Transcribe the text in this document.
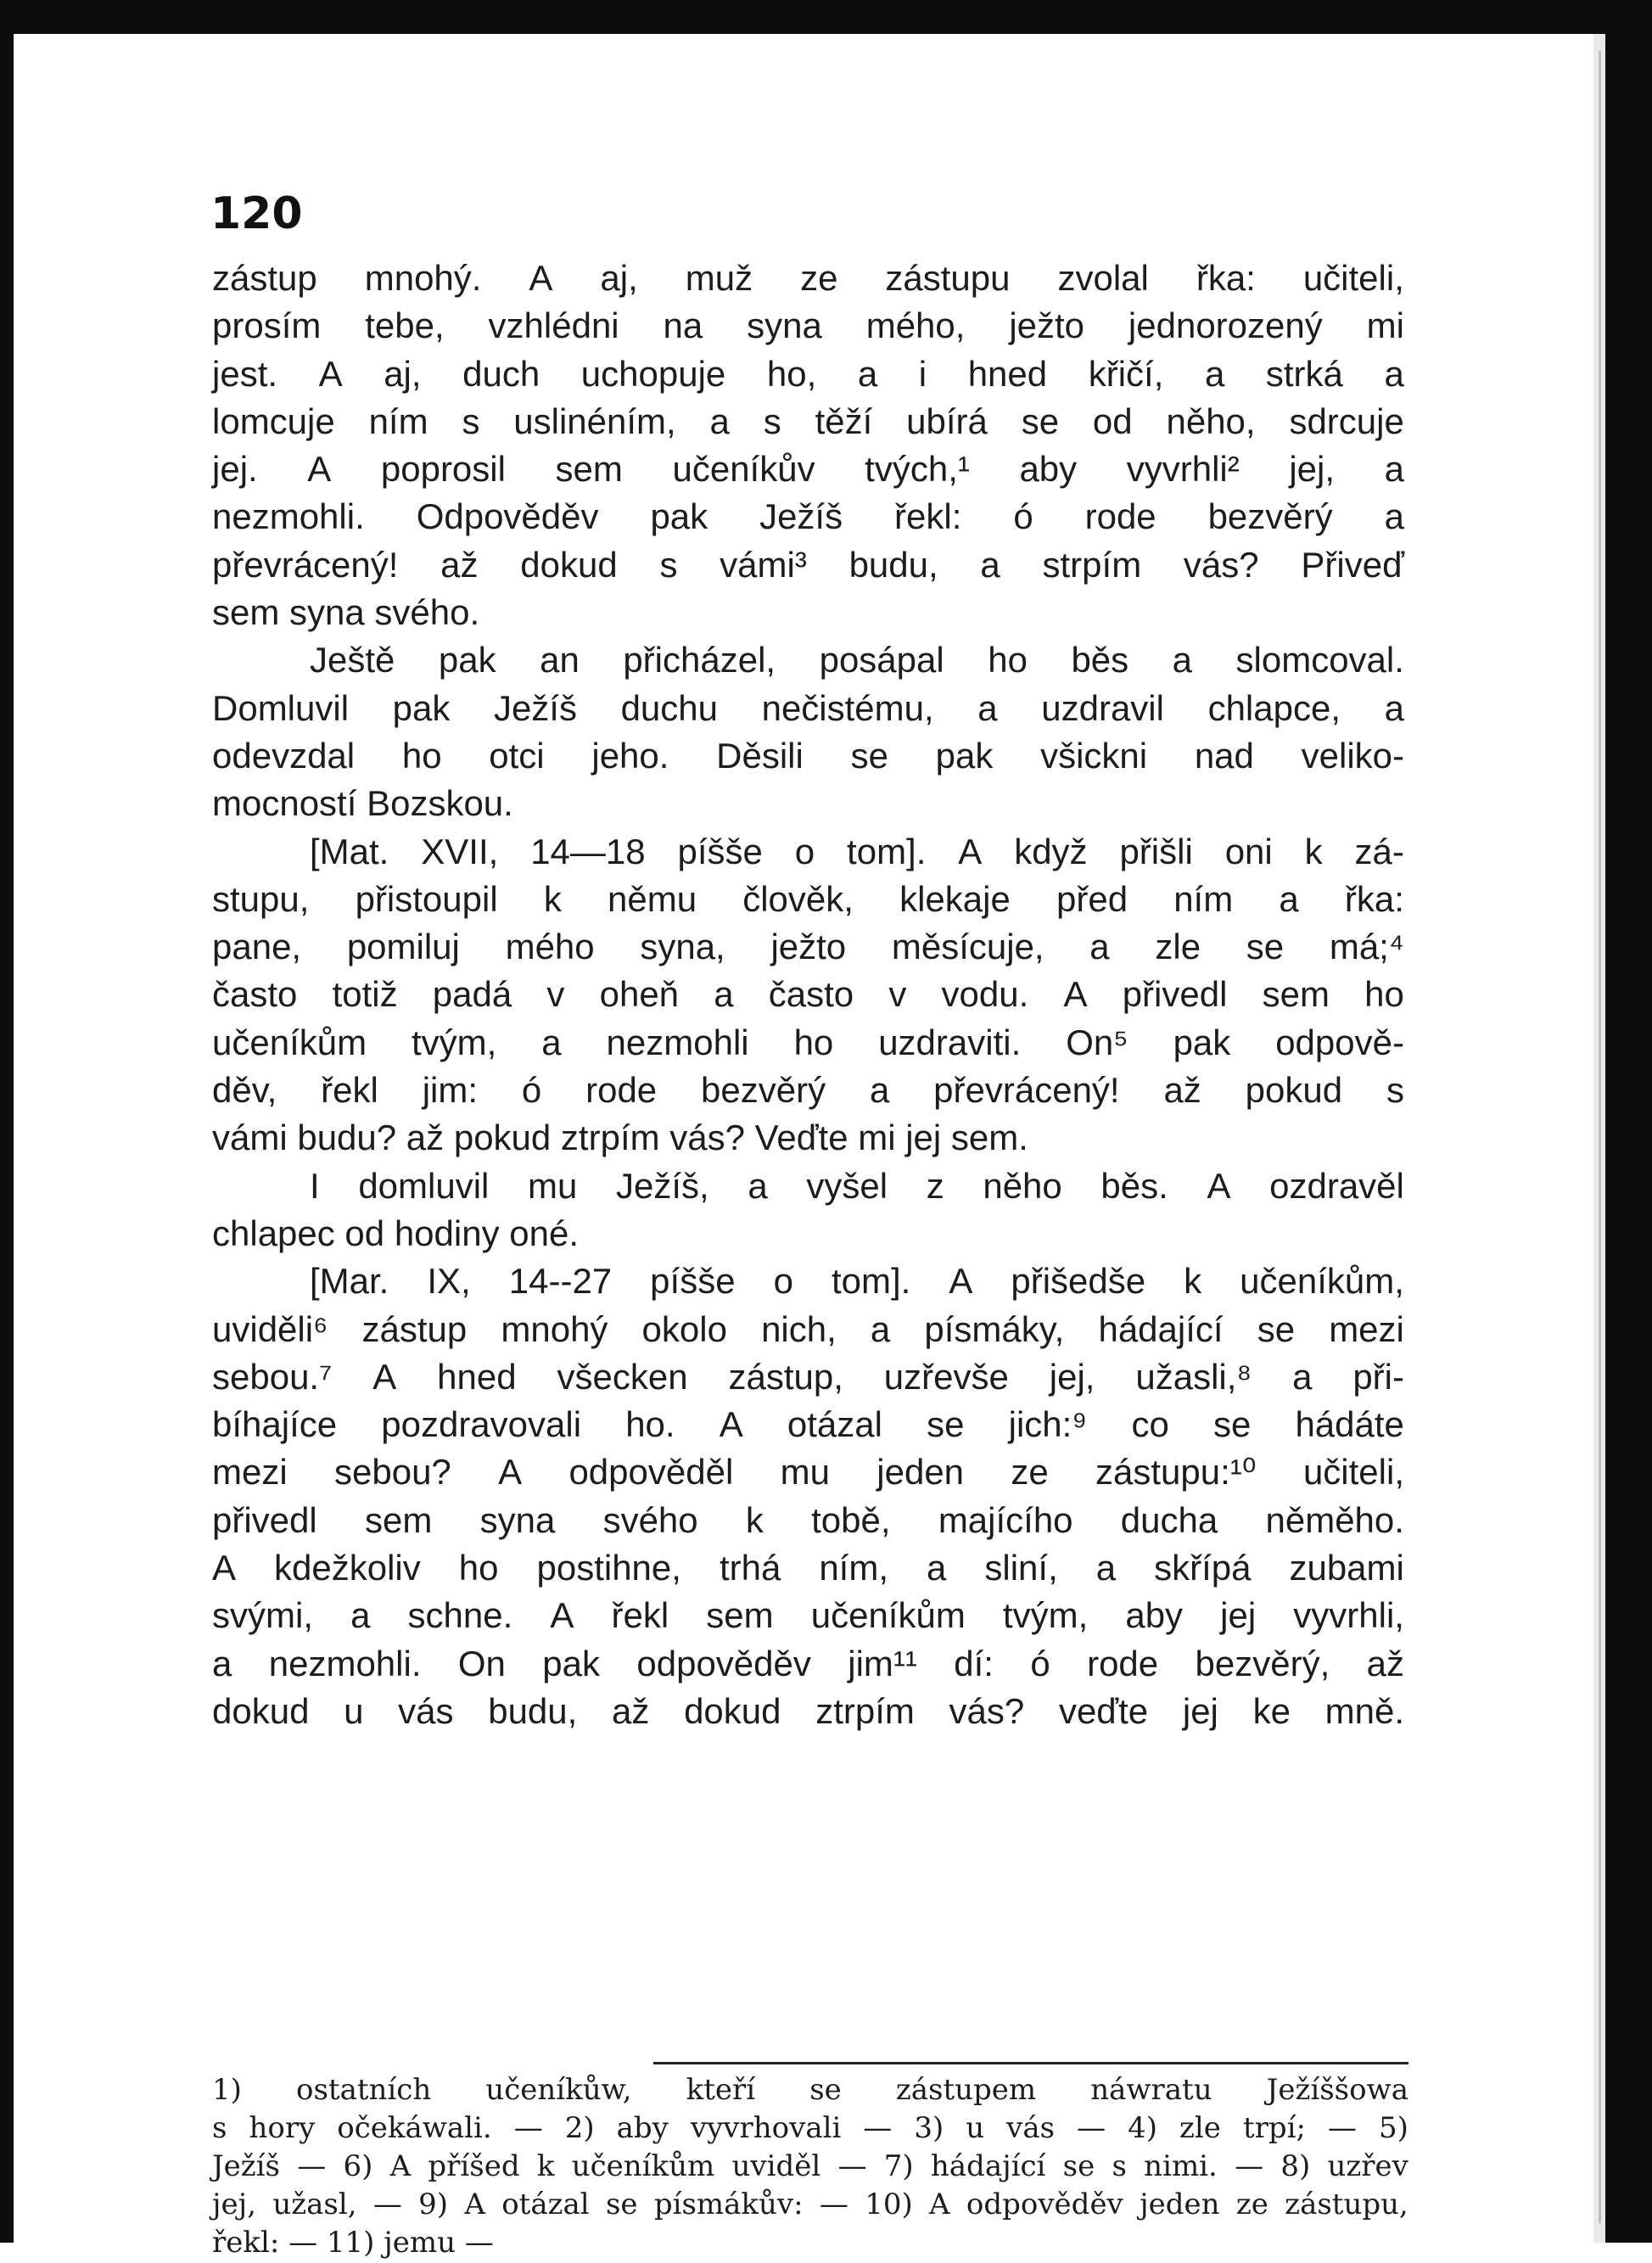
120
zástup mnohý. A aj, muž ze zástupu zvolal řka: učiteli,
prosím tebe, vzhlédni na syna mého, ježto jednorozený mi
jest. A aj, duch uchopuje ho, a i hned křičí, a strká a
lomcuje ním s uslinéním, a s těží ubírá se od něho, sdrcuje
jej. A poprosil sem učeníkův tvých,¹ aby vyvrhli² jej, a
nezmohli. Odpověděv pak Ježíš řekl: ó rode bezvěrý a
převrácený! až dokud s vámi³ budu, a strpím vás? Přiveď
sem syna svého.
Ještě pak an přicházel, posápal ho běs a slomcoval.
Domluvil pak Ježíš duchu nečistému, a uzdravil chlapce, a
odevzdal ho otci jeho. Děsili se pak všickni nad veliko-
mocností Bozskou.
[Mat. XVII, 14—18 píšše o tom]. A když přišli oni k zá-
stupu, přistoupil k němu člověk, klekaje před ním a řka:
pane, pomiluj mého syna, ježto měsícuje, a zle se má;⁴
často totiž padá v oheň a často v vodu. A přivedl sem ho
učeníkům tvým, a nezmohli ho uzdraviti. On⁵ pak odpově-
děv, řekl jim: ó rode bezvěrý a převrácený! až pokud s
vámi budu? až pokud ztrpím vás? Veďte mi jej sem.
I domluvil mu Ježíš, a vyšel z něho běs. A ozdravěl
chlapec od hodiny oné.
[Mar. IX, 14--27 píšše o tom]. A přišedše k učeníkům,
uviděli⁶ zástup mnohý okolo nich, a písmáky, hádající se mezi
sebou.⁷ A hned všecken zástup, uzřevše jej, užasli,⁸ a při-
bíhajíce pozdravovali ho. A otázal se jich:⁹ co se hádáte
mezi sebou? A odpověděl mu jeden ze zástupu:¹⁰ učiteli,
přivedl sem syna svého k tobě, majícího ducha něměho.
A kdežkoliv ho postihne, trhá ním, a sliní, a skřípá zubami
svými, a schne. A řekl sem učeníkům tvým, aby jej vyvrhli,
a nezmohli. On pak odpověděv jim¹¹ dí: ó rode bezvěrý, až
dokud u vás budu, až dokud ztrpím vás? veďte jej ke mně.
1) ostatních učeníkůw, kteří se zástupem náwratu Ježíššowa
s hory očekáwali. — 2) aby vyvrhovali — 3) u vás — 4) zle trpí; — 5)
Ježíš — 6) A příšed k učeníkům uviděl — 7) hádající se s nimi. — 8) uzřev
jej, užasl, — 9) A otázal se písmákův: — 10) A odpověděv jeden ze zástupu,
řekl: — 11) jemu —
